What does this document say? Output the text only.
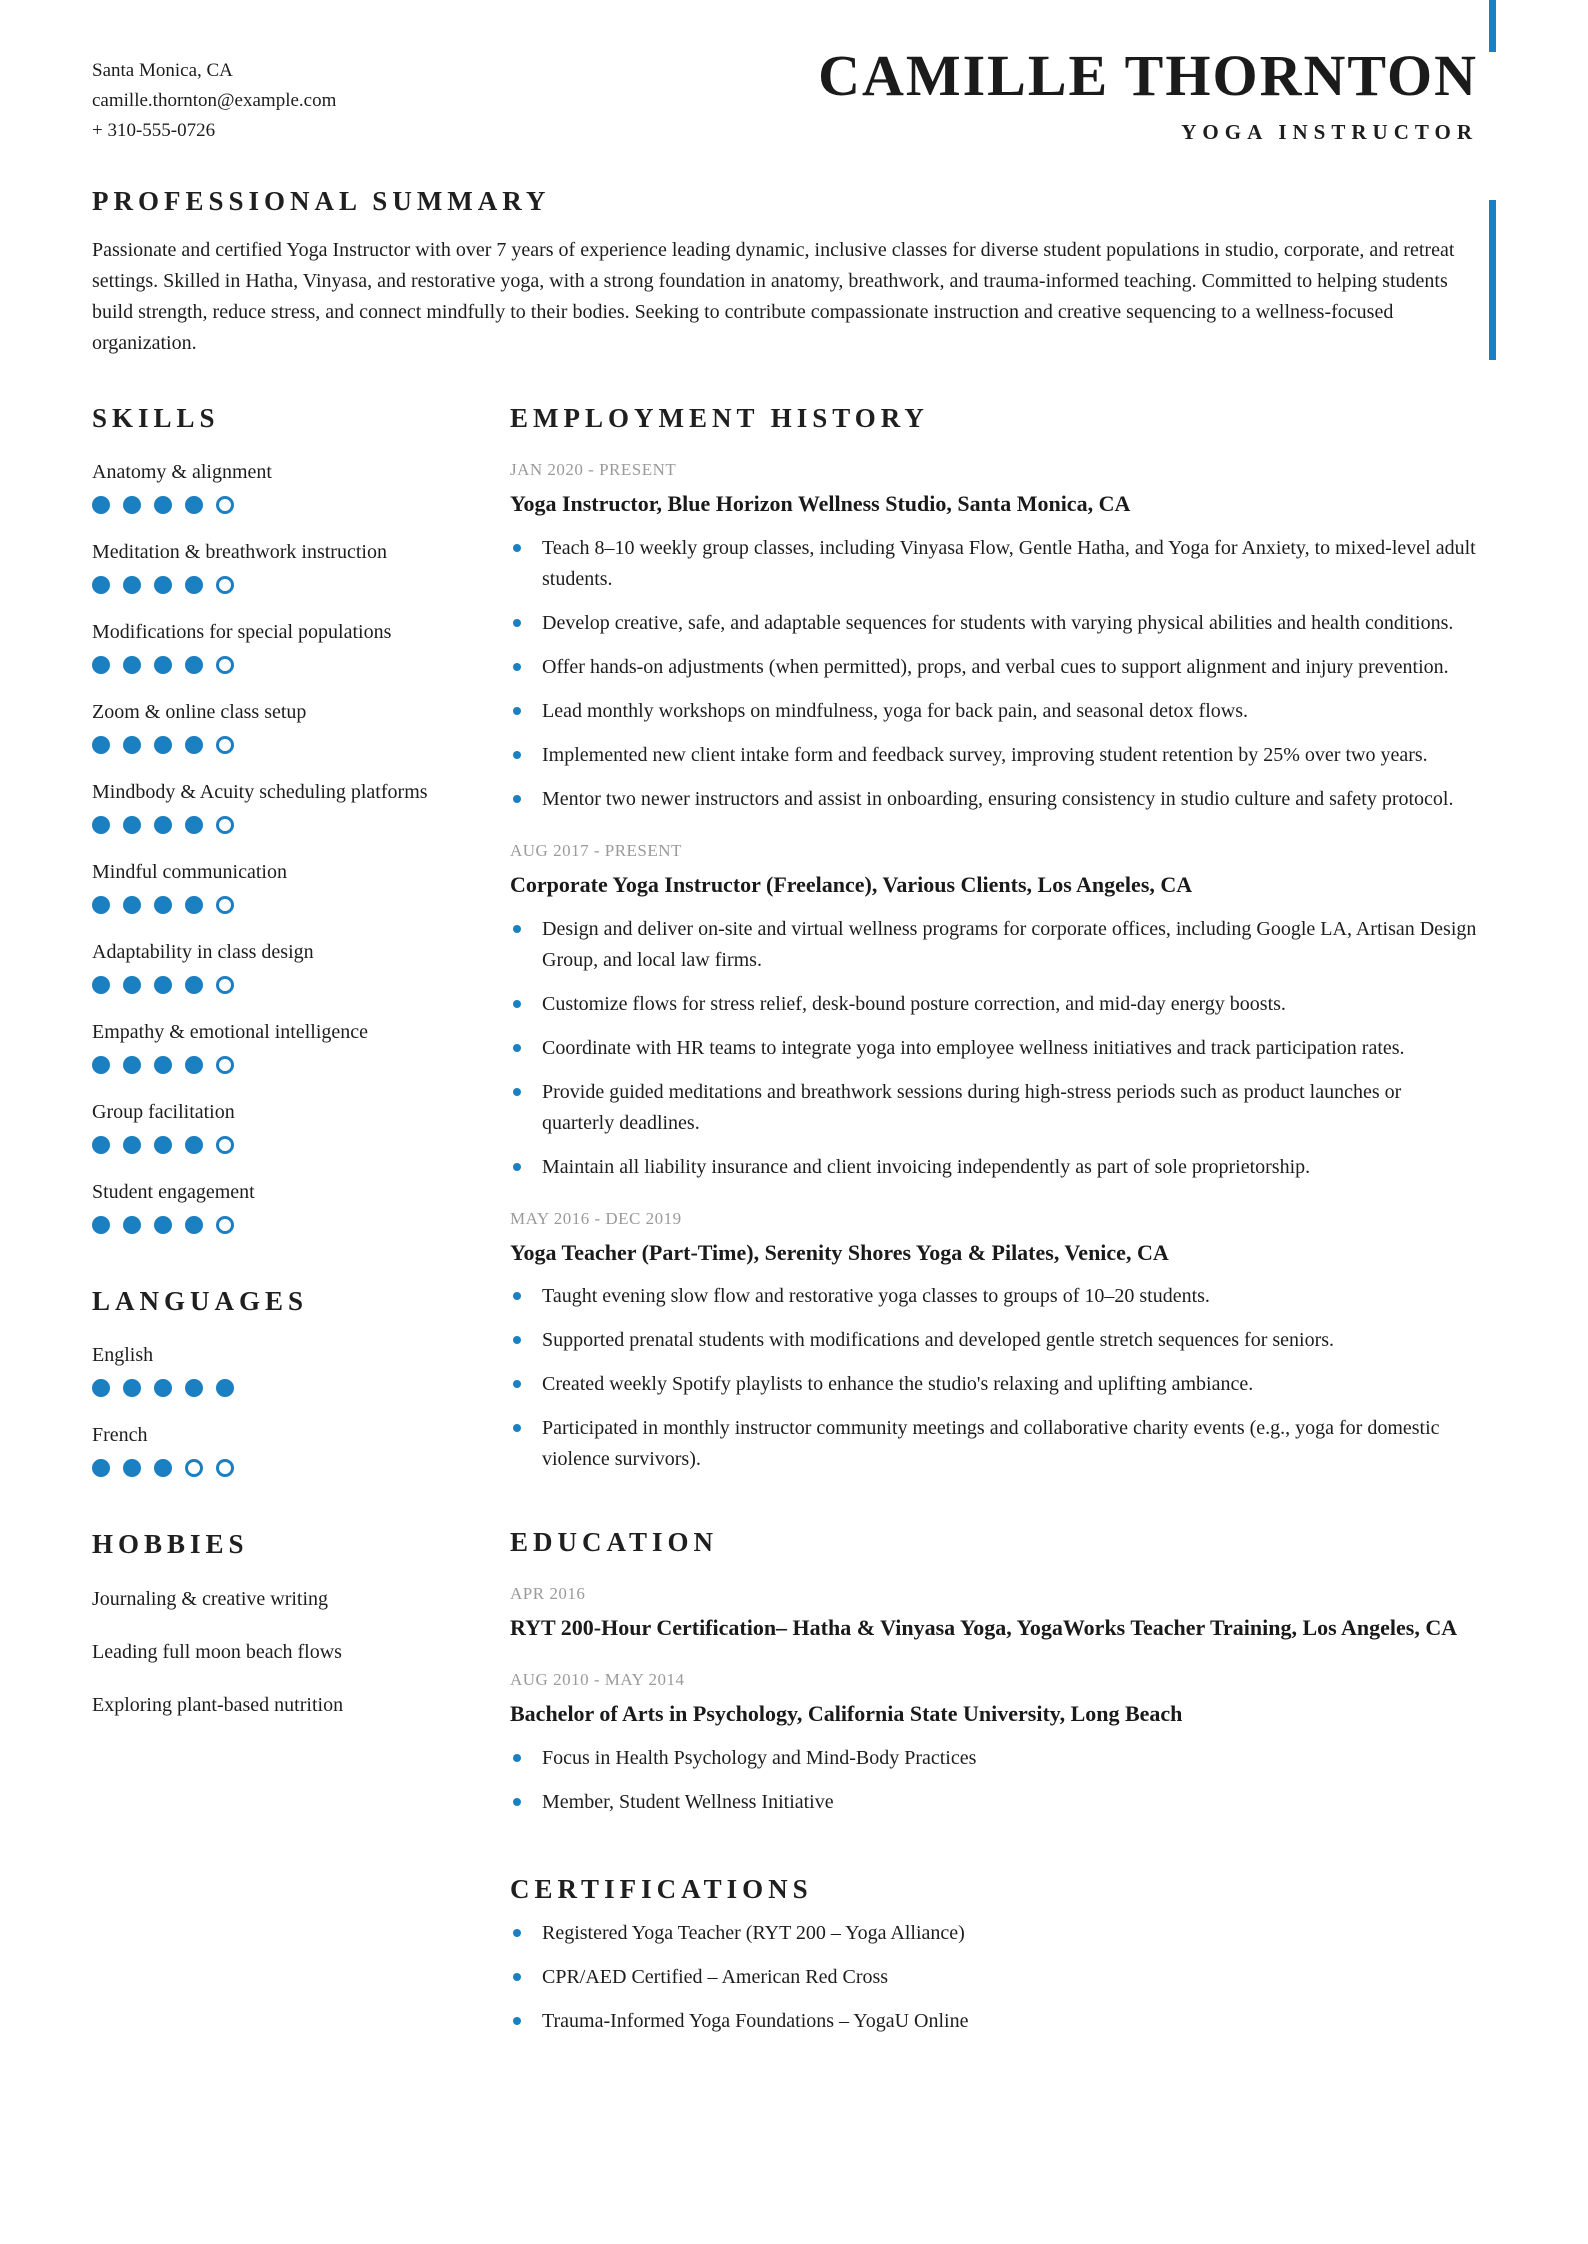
Santa Monica, CA
camille.thornton@example.com
+ 310-555-0726
CAMILLE THORNTON
YOGA INSTRUCTOR
PROFESSIONAL SUMMARY
Passionate and certified Yoga Instructor with over 7 years of experience leading dynamic, inclusive classes for diverse student populations in studio, corporate, and retreat settings. Skilled in Hatha, Vinyasa, and restorative yoga, with a strong foundation in anatomy, breathwork, and trauma-informed teaching. Committed to helping students build strength, reduce stress, and connect mindfully to their bodies. Seeking to contribute compassionate instruction and creative sequencing to a wellness-focused organization.
SKILLS
Anatomy & alignment
Meditation & breathwork instruction
Modifications for special populations
Zoom & online class setup
Mindbody & Acuity scheduling platforms
Mindful communication
Adaptability in class design
Empathy & emotional intelligence
Group facilitation
Student engagement
LANGUAGES
English
French
HOBBIES
Journaling & creative writing
Leading full moon beach flows
Exploring plant-based nutrition
EMPLOYMENT HISTORY
JAN 2020 - PRESENT
Yoga Instructor, Blue Horizon Wellness Studio, Santa Monica, CA
Teach 8–10 weekly group classes, including Vinyasa Flow, Gentle Hatha, and Yoga for Anxiety, to mixed-level adult students.
Develop creative, safe, and adaptable sequences for students with varying physical abilities and health conditions.
Offer hands-on adjustments (when permitted), props, and verbal cues to support alignment and injury prevention.
Lead monthly workshops on mindfulness, yoga for back pain, and seasonal detox flows.
Implemented new client intake form and feedback survey, improving student retention by 25% over two years.
Mentor two newer instructors and assist in onboarding, ensuring consistency in studio culture and safety protocol.
AUG 2017 - PRESENT
Corporate Yoga Instructor (Freelance), Various Clients, Los Angeles, CA
Design and deliver on-site and virtual wellness programs for corporate offices, including Google LA, Artisan Design Group, and local law firms.
Customize flows for stress relief, desk-bound posture correction, and mid-day energy boosts.
Coordinate with HR teams to integrate yoga into employee wellness initiatives and track participation rates.
Provide guided meditations and breathwork sessions during high-stress periods such as product launches or quarterly deadlines.
Maintain all liability insurance and client invoicing independently as part of sole proprietorship.
MAY 2016 - DEC 2019
Yoga Teacher (Part-Time), Serenity Shores Yoga & Pilates, Venice, CA
Taught evening slow flow and restorative yoga classes to groups of 10–20 students.
Supported prenatal students with modifications and developed gentle stretch sequences for seniors.
Created weekly Spotify playlists to enhance the studio's relaxing and uplifting ambiance.
Participated in monthly instructor community meetings and collaborative charity events (e.g., yoga for domestic violence survivors).
EDUCATION
APR 2016
RYT 200-Hour Certification– Hatha & Vinyasa Yoga, YogaWorks Teacher Training, Los Angeles, CA
AUG 2010 - MAY 2014
Bachelor of Arts in Psychology, California State University, Long Beach
Focus in Health Psychology and Mind-Body Practices
Member, Student Wellness Initiative
CERTIFICATIONS
Registered Yoga Teacher (RYT 200 – Yoga Alliance)
CPR/AED Certified – American Red Cross
Trauma-Informed Yoga Foundations – YogaU Online
